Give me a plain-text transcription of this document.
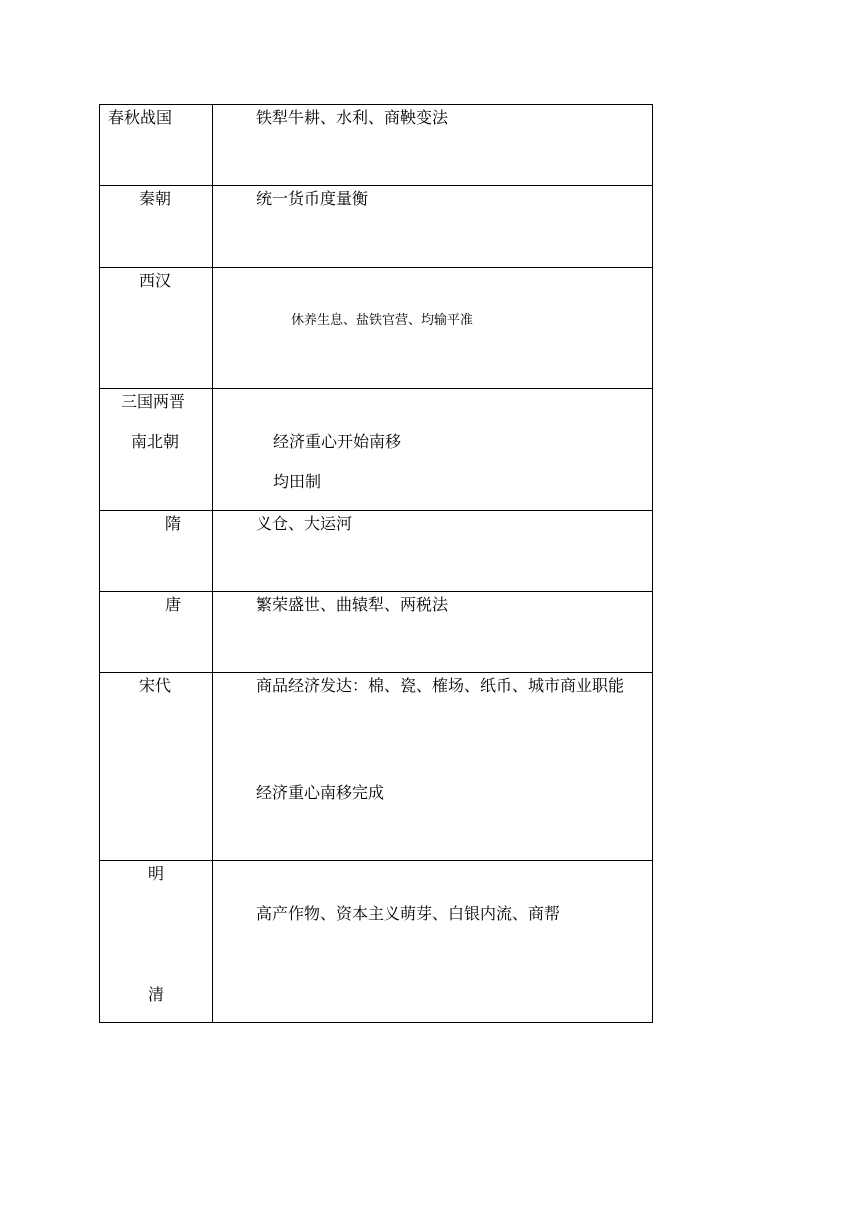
春秋战国	铁犁牛耕、水利、商鞅变法

秦朝	统一货币度量衡

西汉	休养生息、盐铁官营、均输平准

三国两晋
南北朝	经济重心开始南移
均田制

隋	义仓、大运河

唐	繁荣盛世、曲辕犁、两税法

宋代	商品经济发达：棉、瓷、榷场、纸币、城市商业职能
经济重心南移完成

明
清	高产作物、资本主义萌芽、白银内流、商帮
